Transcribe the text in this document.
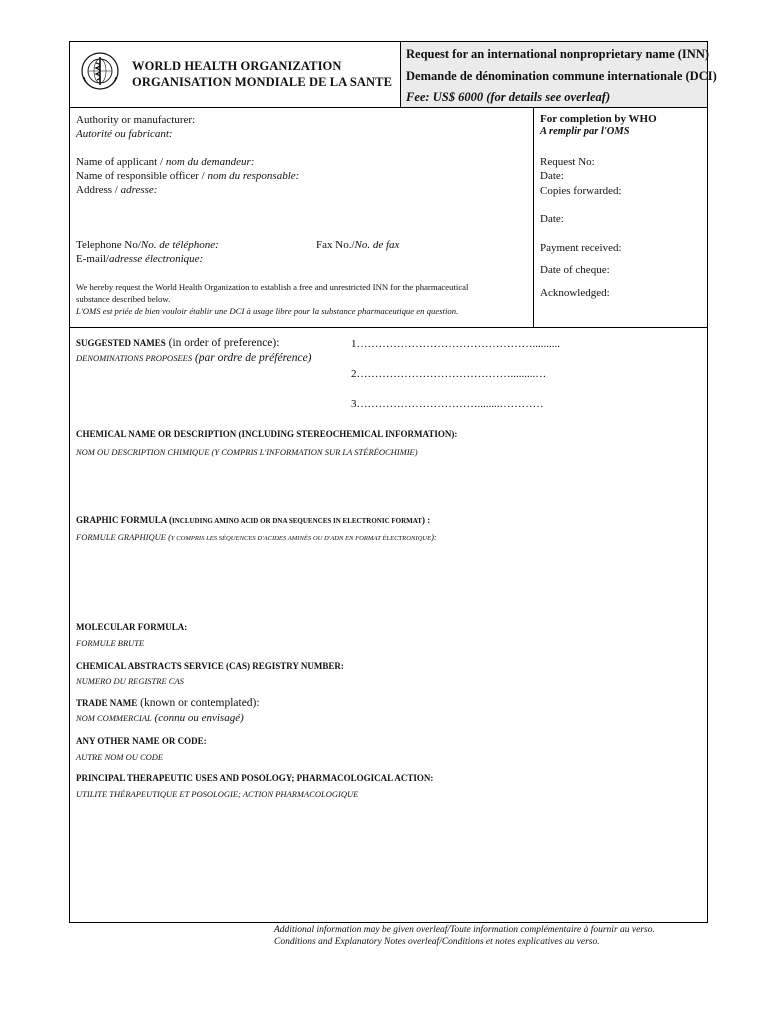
WORLD HEALTH ORGANIZATION
ORGANISATION MONDIALE DE LA SANTE
Request for an international nonproprietary name (INN)
Demande de dénomination commune internationale (DCI)
Fee: US$ 6000 (for details see overleaf)
Authority or manufacturer:
Autorité ou fabricant:
Name of applicant / nom du demandeur:
Name of responsible officer / nom du responsable:
Address / adresse:
Telephone No/No. de téléphone:	Fax No./No. de fax
E-mail/adresse électronique:
We hereby request the World Health Organization to establish a free and unrestricted INN for the pharmaceutical
substance described below.
L'OMS est priée de bien vouloir établir une DCI à usage libre pour la substance pharmaceutique en question.
For completion by WHO
A remplir par l'OMS
Request No:
Date:
Copies forwarded:
Date:
Payment received:
Date of cheque:
Acknowledged:
SUGGESTED NAMES (in order of preference):
DENOMINATIONS PROPOSEES (par ordre de préférence)
1…………………………………………..........
2…………………………………….........…
3……………………………........…………
CHEMICAL NAME OR DESCRIPTION (INCLUDING STEREOCHEMICAL INFORMATION):
NOM OU DESCRIPTION CHIMIQUE (Y COMPRIS L'INFORMATION SUR LA STÉRÉOCHIMIE)
GRAPHIC FORMULA (INCLUDING AMINO ACID OR DNA SEQUENCES IN ELECTRONIC FORMAT) :
FORMULE GRAPHIQUE (Y COMPRIS LES SÉQUENCES D'ACIDES AMINÉS OU D'ADN EN FORMAT ÉLECTRONIQUE):
MOLECULAR FORMULA:
FORMULE BRUTE
CHEMICAL ABSTRACTS SERVICE (CAS) REGISTRY NUMBER:
NUMERO DU REGISTRE CAS
TRADE NAME (known or contemplated):
NOM COMMERCIAL (connu ou envisagé)
ANY OTHER NAME OR CODE:
AUTRE NOM OU CODE
PRINCIPAL THERAPEUTIC USES AND POSOLOGY; PHARMACOLOGICAL ACTION:
UTILITE THÉRAPEUTIQUE ET POSOLOGIE; ACTION PHARMACOLOGIQUE
Additional information may be given overleaf/Toute information complémentaire à fournir au verso.
Conditions and Explanatory Notes overleaf/Conditions et notes explicatives au verso.
